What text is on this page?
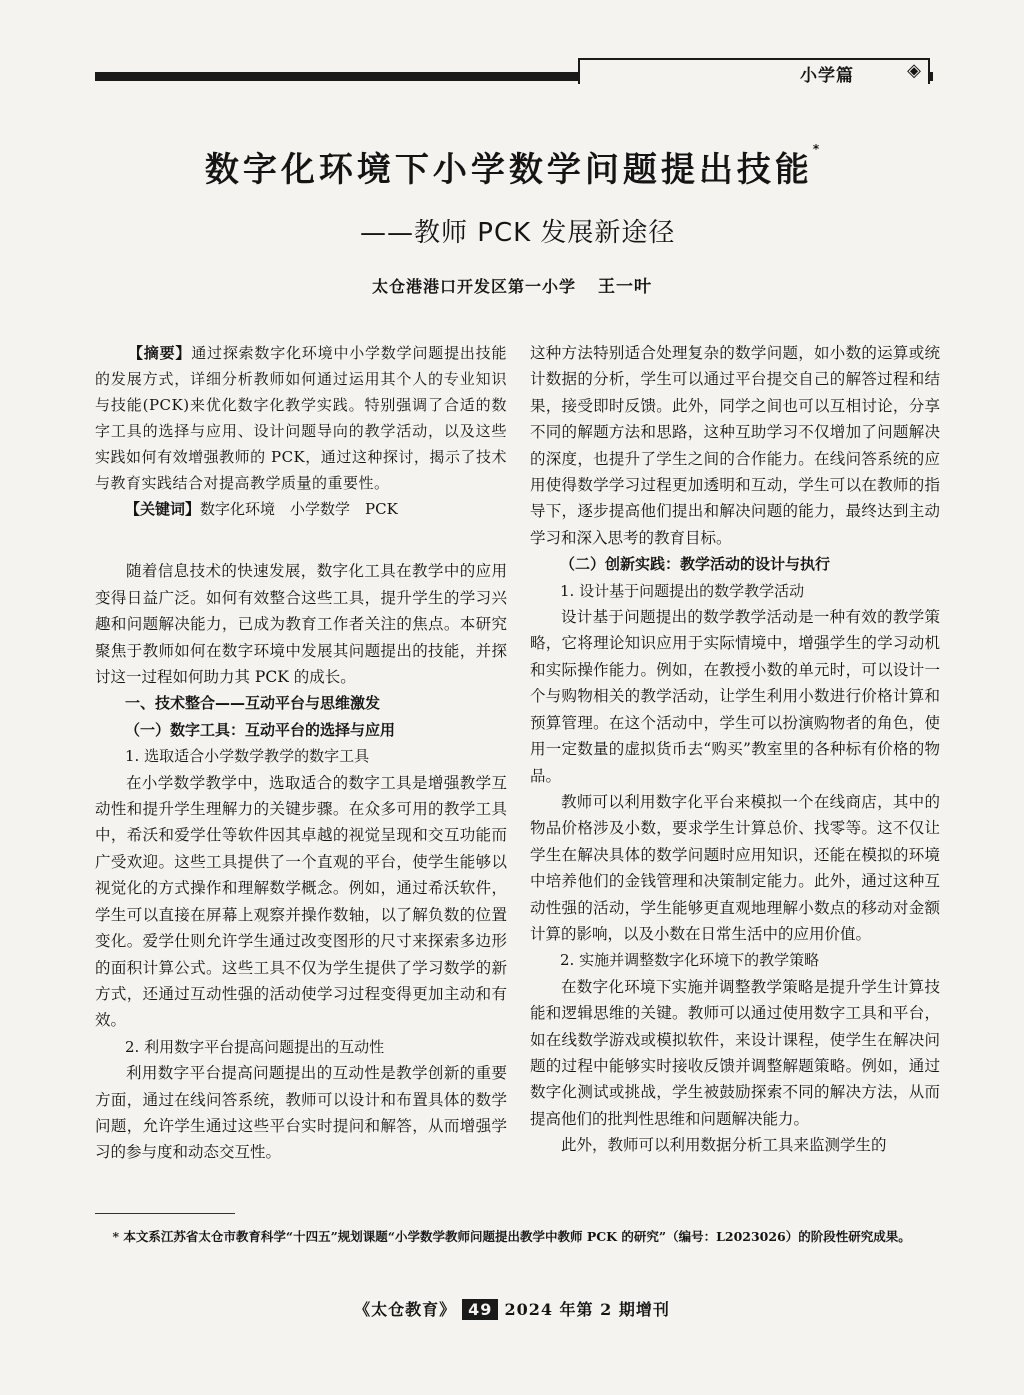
小学篇	◈
数字化环境下小学数学问题提出技能*
——教师 PCK 发展新途径
太仓港港口开发区第一小学 王一叶

【摘要】通过探索数字化环境中小学数学问题提出技能的发展方式，详细分析教师如何通过运用其个人的专业知识与技能(PCK)来优化数字化教学实践。特别强调了合适的数字工具的选择与应用、设计问题导向的教学活动，以及这些实践如何有效增强教师的 PCK，通过这种探讨，揭示了技术与教育实践结合对提高教学质量的重要性。

【关键词】数字化环境　小学数学　PCK

随着信息技术的快速发展，数字化工具在教学中的应用变得日益广泛。如何有效整合这些工具，提升学生的学习兴趣和问题解决能力，已成为教育工作者关注的焦点。本研究聚焦于教师如何在数字环境中发展其问题提出的技能，并探讨这一过程如何助力其 PCK 的成长。

一、技术整合——互动平台与思维激发

（一）数字工具：互动平台的选择与应用

1. 选取适合小学数学教学的数字工具

在小学数学教学中，选取适合的数字工具是增强教学互动性和提升学生理解力的关键步骤。在众多可用的教学工具中，希沃和爱学仕等软件因其卓越的视觉呈现和交互功能而广受欢迎。这些工具提供了一个直观的平台，使学生能够以视觉化的方式操作和理解数学概念。例如，通过希沃软件，学生可以直接在屏幕上观察并操作数轴，以了解负数的位置变化。爱学仕则允许学生通过改变图形的尺寸来探索多边形的面积计算公式。这些工具不仅为学生提供了学习数学的新方式，还通过互动性强的活动使学习过程变得更加主动和有效。

2. 利用数字平台提高问题提出的互动性

利用数字平台提高问题提出的互动性是教学创新的重要方面，通过在线问答系统，教师可以设计和布置具体的数学问题，允许学生通过这些平台实时提问和解答，从而增强学习的参与度和动态交互性。

这种方法特别适合处理复杂的数学问题，如小数的运算或统计数据的分析，学生可以通过平台提交自己的解答过程和结果，接受即时反馈。此外，同学之间也可以互相讨论，分享不同的解题方法和思路，这种互助学习不仅增加了问题解决的深度，也提升了学生之间的合作能力。在线问答系统的应用使得数学学习过程更加透明和互动，学生可以在教师的指导下，逐步提高他们提出和解决问题的能力，最终达到主动学习和深入思考的教育目标。

（二）创新实践：教学活动的设计与执行

1. 设计基于问题提出的数学教学活动

设计基于问题提出的数学教学活动是一种有效的教学策略，它将理论知识应用于实际情境中，增强学生的学习动机和实际操作能力。例如，在教授小数的单元时，可以设计一个与购物相关的教学活动，让学生利用小数进行价格计算和预算管理。在这个活动中，学生可以扮演购物者的角色，使用一定数量的虚拟货币去“购买”教室里的各种标有价格的物品。

教师可以利用数字化平台来模拟一个在线商店，其中的物品价格涉及小数，要求学生计算总价、找零等。这不仅让学生在解决具体的数学问题时应用知识，还能在模拟的环境中培养他们的金钱管理和决策制定能力。此外，通过这种互动性强的活动，学生能够更直观地理解小数点的移动对金额计算的影响，以及小数在日常生活中的应用价值。

2. 实施并调整数字化环境下的教学策略

在数字化环境下实施并调整教学策略是提升学生计算技能和逻辑思维的关键。教师可以通过使用数字工具和平台，如在线数学游戏或模拟软件，来设计课程，使学生在解决问题的过程中能够实时接收反馈并调整解题策略。例如，通过数字化测试或挑战，学生被鼓励探索不同的解决方法，从而提高他们的批判性思维和问题解决能力。

此外，教师可以利用数据分析工具来监测学生的

* 本文系江苏省太仓市教育科学“十四五”规划课题“小学数学教师问题提出教学中教师 PCK 的研究”（编号：L2023026）的阶段性研究成果。
《太仓教育》 49 2024 年第 2 期增刊
